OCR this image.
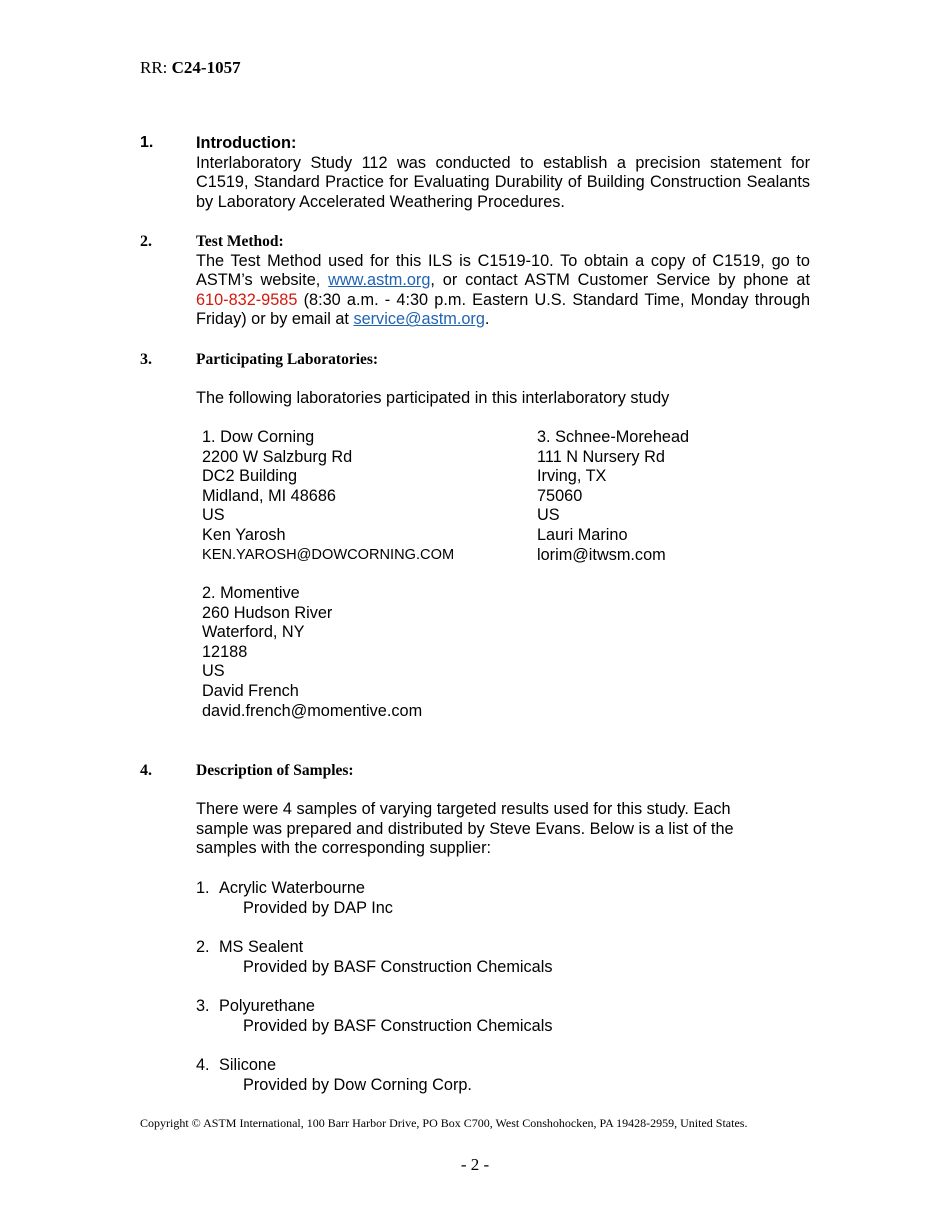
RR: C24-1057
1.	Introduction:
Interlaboratory Study 112 was conducted to establish a precision statement for C1519, Standard Practice for Evaluating Durability of Building Construction Sealants by Laboratory Accelerated Weathering Procedures.
2.	Test Method:
The Test Method used for this ILS is C1519-10. To obtain a copy of C1519, go to ASTM’s website, www.astm.org, or contact ASTM Customer Service by phone at 610-832-9585 (8:30 a.m. - 4:30 p.m. Eastern U.S. Standard Time, Monday through Friday) or by email at service@astm.org.
3.	Participating Laboratories:
The following laboratories participated in this interlaboratory study
1. Dow Corning
2200 W Salzburg Rd
DC2 Building
Midland, MI 48686
US
Ken Yarosh
KEN.YAROSH@DOWCORNING.COM
3. Schnee-Morehead
111 N Nursery Rd
Irving, TX
75060
US
Lauri Marino
lorim@itwsm.com
2. Momentive
260 Hudson River
Waterford, NY
12188
US
David French
david.french@momentive.com
4.	Description of Samples:
There were 4 samples of varying targeted results used for this study. Each sample was prepared and distributed by Steve Evans. Below is a list of the samples with the corresponding supplier:
1. Acrylic Waterbourne
Provided by DAP Inc
2. MS Sealent
Provided by BASF Construction Chemicals
3. Polyurethane
Provided by BASF Construction Chemicals
4. Silicone
Provided by Dow Corning Corp.
Copyright © ASTM International, 100 Barr Harbor Drive, PO Box C700, West Conshohocken, PA 19428-2959, United States.
- 2 -
